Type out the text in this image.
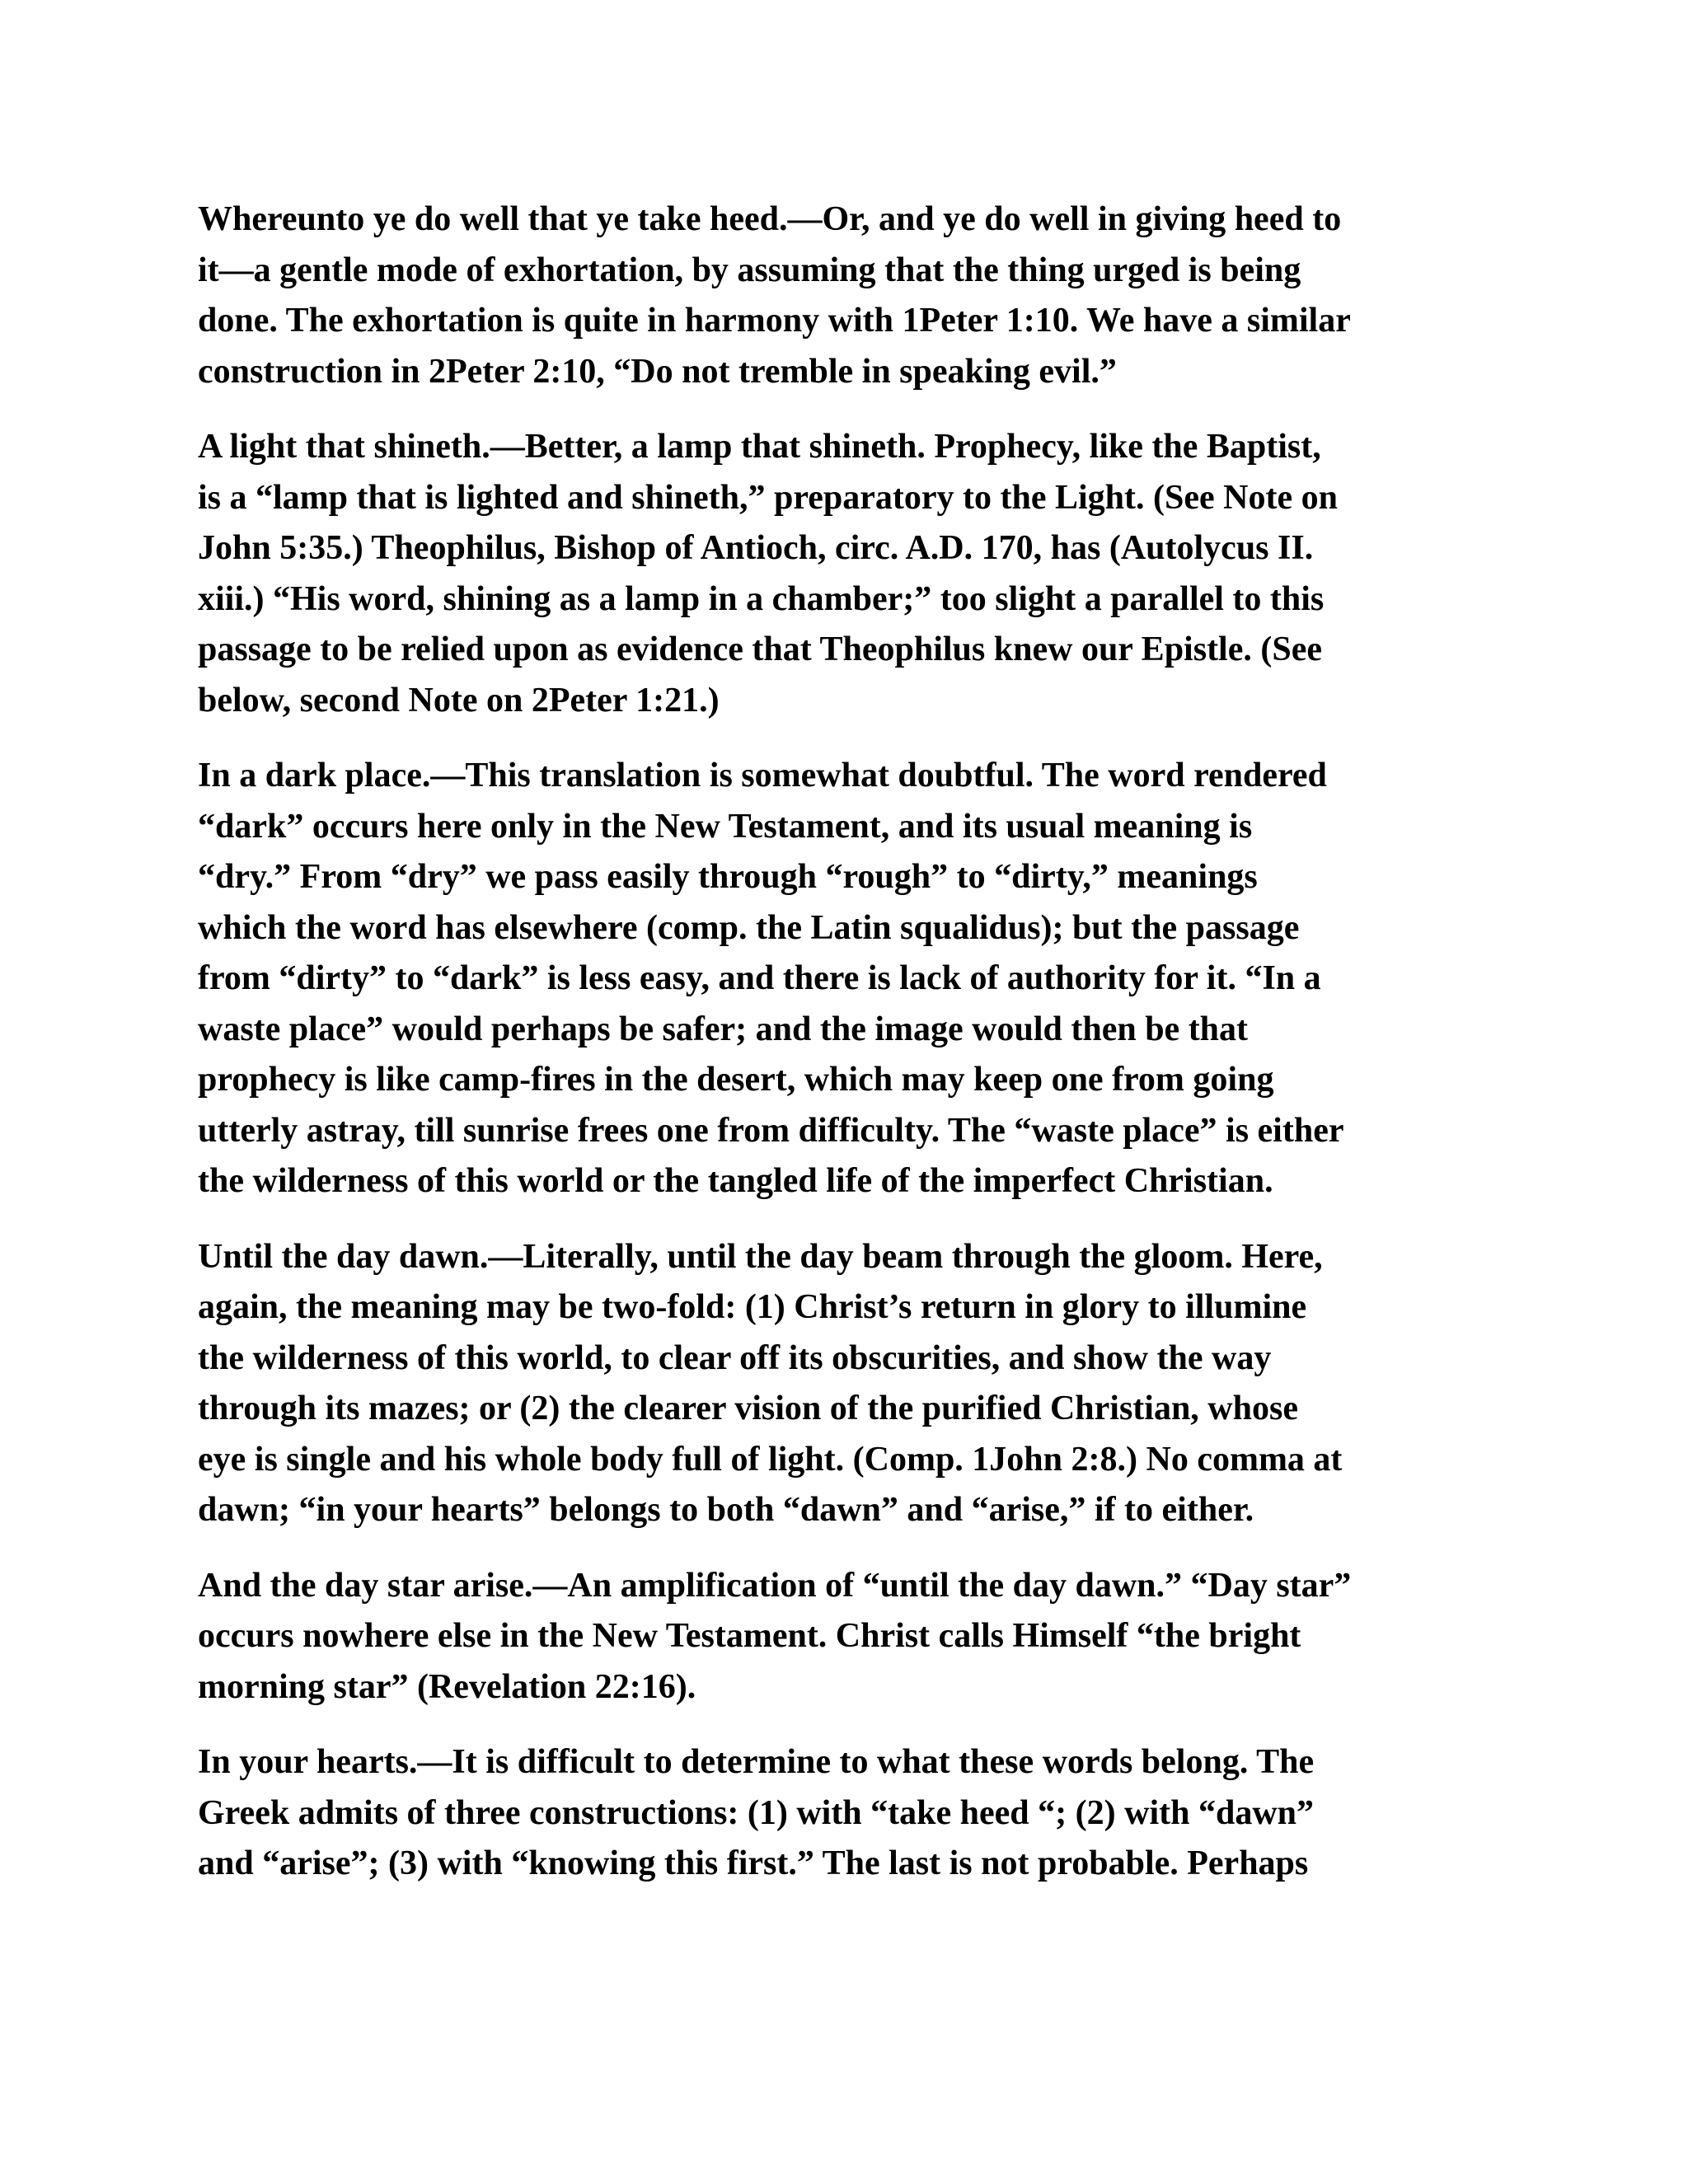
Whereunto ye do well that ye take heed.—Or, and ye do well in giving heed to
it—a gentle mode of exhortation, by assuming that the thing urged is being
done. The exhortation is quite in harmony with 1Peter 1:10. We have a similar
construction in 2Peter 2:10, “Do not tremble in speaking evil.”

A light that shineth.—Better, a lamp that shineth. Prophecy, like the Baptist,
is a “lamp that is lighted and shineth,” preparatory to the Light. (See Note on
John 5:35.) Theophilus, Bishop of Antioch, circ. A.D. 170, has (Autolycus II.
xiii.) “His word, shining as a lamp in a chamber;” too slight a parallel to this
passage to be relied upon as evidence that Theophilus knew our Epistle. (See
below, second Note on 2Peter 1:21.)

In a dark place.—This translation is somewhat doubtful. The word rendered
“dark” occurs here only in the New Testament, and its usual meaning is
“dry.” From “dry” we pass easily through “rough” to “dirty,” meanings
which the word has elsewhere (comp. the Latin squalidus); but the passage
from “dirty” to “dark” is less easy, and there is lack of authority for it. “In a
waste place” would perhaps be safer; and the image would then be that
prophecy is like camp-fires in the desert, which may keep one from going
utterly astray, till sunrise frees one from difficulty. The “waste place” is either
the wilderness of this world or the tangled life of the imperfect Christian.

Until the day dawn.—Literally, until the day beam through the gloom. Here,
again, the meaning may be two-fold: (1) Christ’s return in glory to illumine
the wilderness of this world, to clear off its obscurities, and show the way
through its mazes; or (2) the clearer vision of the purified Christian, whose
eye is single and his whole body full of light. (Comp. 1John 2:8.) No comma at
dawn; “in your hearts” belongs to both “dawn” and “arise,” if to either.

And the day star arise.—An amplification of “until the day dawn.” “Day star”
occurs nowhere else in the New Testament. Christ calls Himself “the bright
morning star” (Revelation 22:16).

In your hearts.—It is difficult to determine to what these words belong. The
Greek admits of three constructions: (1) with “take heed “; (2) with “dawn”
and “arise”; (3) with “knowing this first.” The last is not probable. Perhaps
